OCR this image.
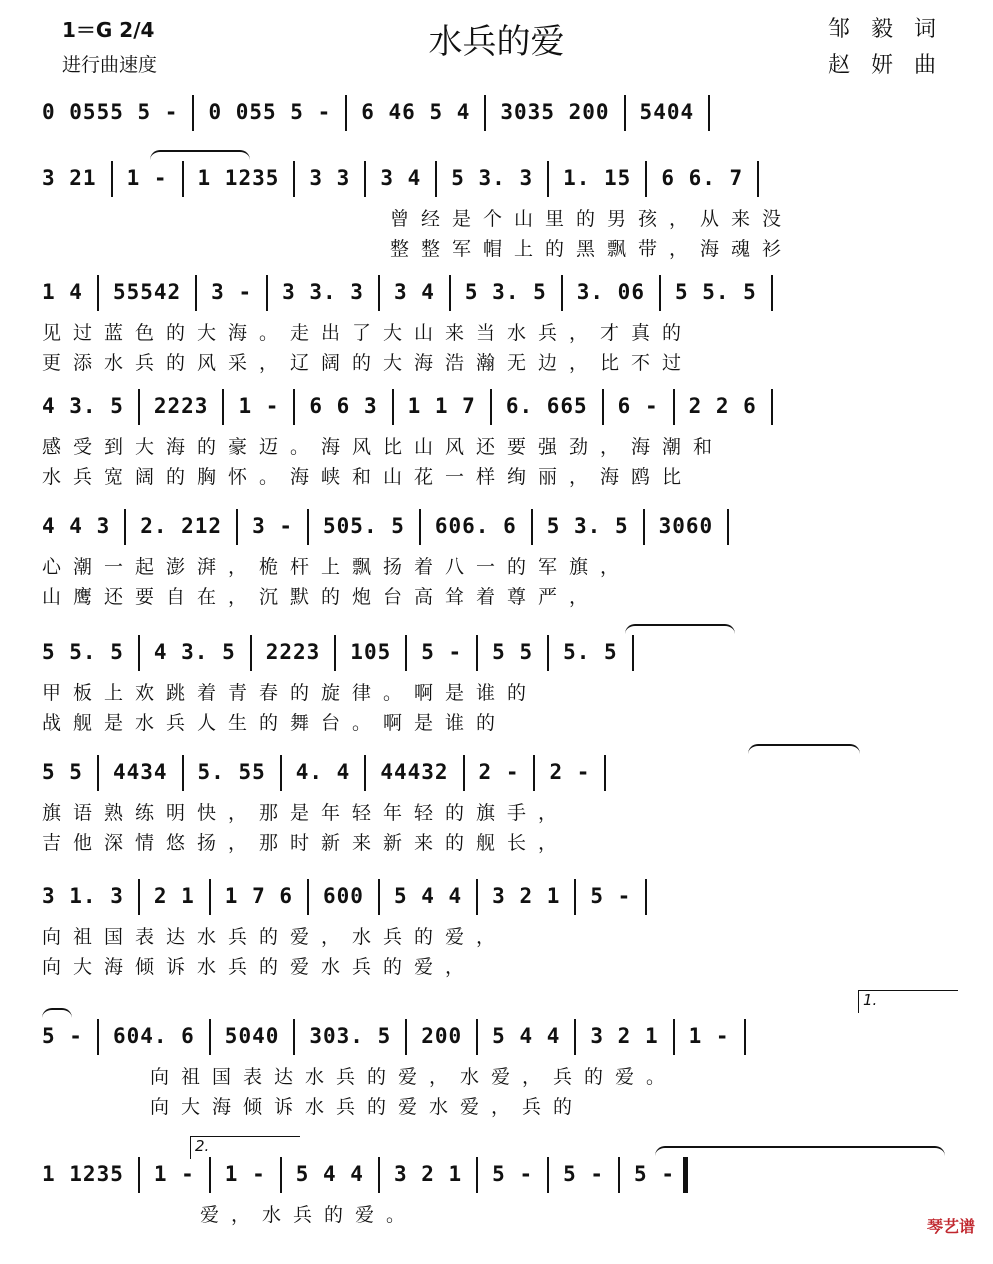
水兵的爱
1＝G 2/4
进行曲速度
邹 毅 词
赵 妍 曲
0 0555 5 - 0 055 5 - 6 46 5 4 3035 200 5404
3 21 1 - 1 1235 3 3 3 4 5 3. 3 1. 15 6 6. 7
曾经是个山里的男孩，从来没
整整军帽上的黑飘带，海魂衫
1 4 55542 3 - 3 3. 3 3 4 5 3. 5 3. 06 5 5. 5
见过蓝色的大海。走出了大山来当水兵，才真的
更添水兵的风采，辽阔的大海浩瀚无边，比不过
4 3. 5 2223 1 - 6 6 3 1 1 7 6. 665 6 - 2 2 6
感受到大海的豪迈。海风比山风还要强劲，海潮和
水兵宽阔的胸怀。海峡和山花一样绚丽，海鸥比
4 4 3 2. 212 3 - 505. 5 606. 6 5 3. 5 3060
心潮一起澎湃，桅杆上飘扬着八一的军旗，
山鹰还要自在，沉默的炮台高耸着尊严，
5 5. 5 4 3. 5 2223 105 5 - 5 5 5. 5
甲板上欢跳着青春的旋律。啊是谁的
战舰是水兵人生的舞台。啊是谁的
5 5 4434 5. 55 4. 4 44432 2 - 2 -
旗语熟练明快，那是年轻年轻的旗手，
吉他深情悠扬，那时新来新来的舰长，
3 1. 3 2 1 1 7 6 600 5 4 4 3 2 1 5 -
向祖国表达水兵的爱，水兵的爱，
向大海倾诉水兵的爱水兵的爱，
5 - 604. 6 5040 303. 5 200 5 4 4 3 2 1 1 -
向祖国表达水兵的爱，水爱，兵的爱。
向大海倾诉水兵的爱水爱，兵的
1 1235 1 - 1 - 5 4 4 3 2 1 5 - 5 - 5 -
爱，水兵的爱。
1.
2.
琴艺谱
